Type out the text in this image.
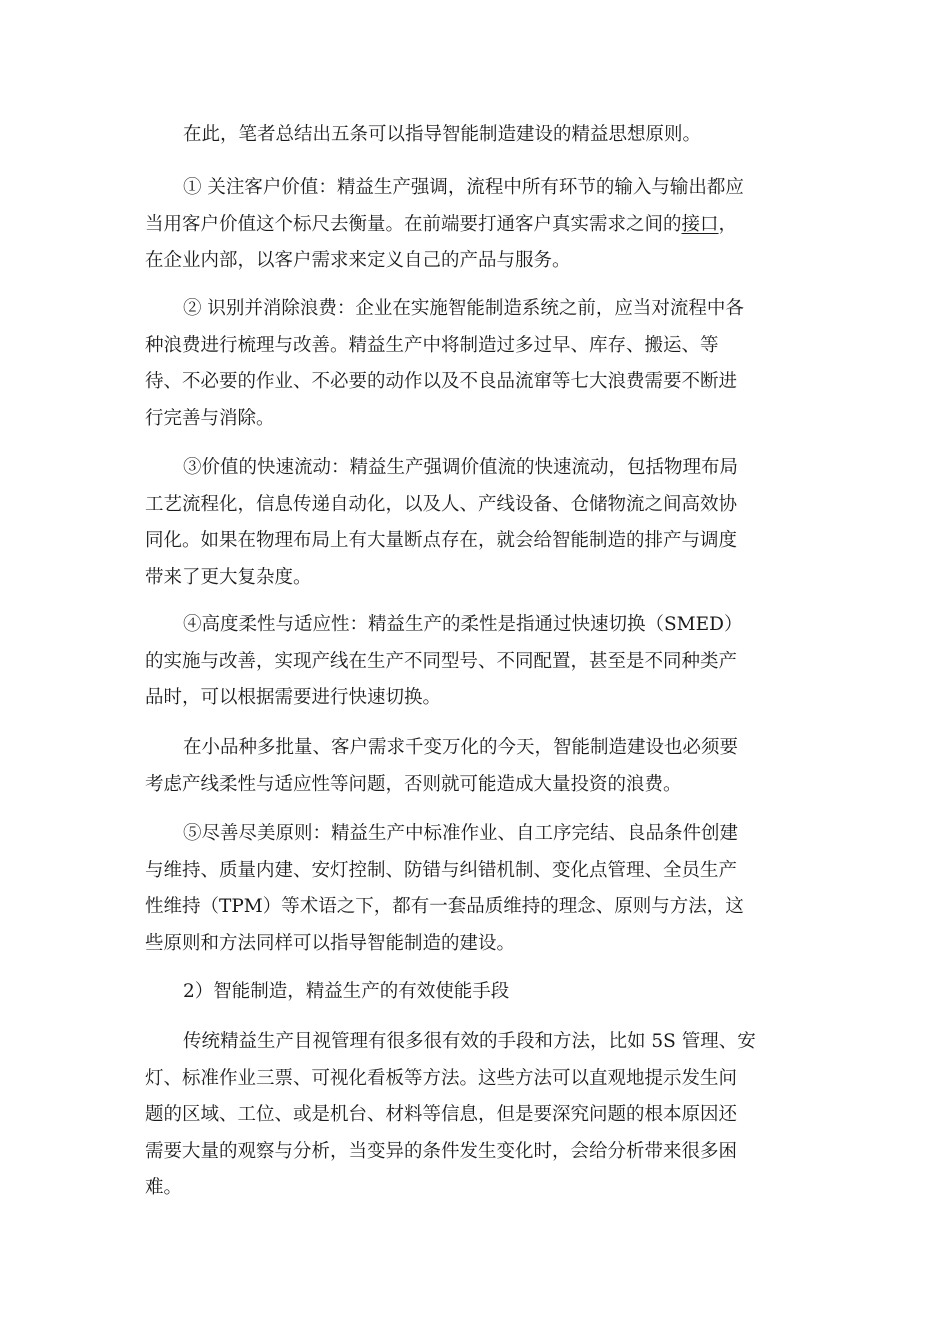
在此，笔者总结出五条可以指导智能制造建设的精益思想原则。

① 关注客户价值：精益生产强调，流程中所有环节的输入与输出都应
当用客户价值这个标尺去衡量。在前端要打通客户真实需求之间的接口，
在企业内部，以客户需求来定义自己的产品与服务。

② 识别并消除浪费：企业在实施智能制造系统之前，应当对流程中各
种浪费进行梳理与改善。精益生产中将制造过多过早、库存、搬运、等
待、不必要的作业、不必要的动作以及不良品流窜等七大浪费需要不断进
行完善与消除。

③价值的快速流动：精益生产强调价值流的快速流动，包括物理布局
工艺流程化，信息传递自动化，以及人、产线设备、仓储物流之间高效协
同化。如果在物理布局上有大量断点存在，就会给智能制造的排产与调度
带来了更大复杂度。

④高度柔性与适应性：精益生产的柔性是指通过快速切换（SMED）
的实施与改善，实现产线在生产不同型号、不同配置，甚至是不同种类产
品时，可以根据需要进行快速切换。

在小品种多批量、客户需求千变万化的今天，智能制造建设也必须要
考虑产线柔性与适应性等问题，否则就可能造成大量投资的浪费。

⑤尽善尽美原则：精益生产中标准作业、自工序完结、良品条件创建
与维持、质量内建、安灯控制、防错与纠错机制、变化点管理、全员生产
性维持（TPM）等术语之下，都有一套品质维持的理念、原则与方法，这
些原则和方法同样可以指导智能制造的建设。

2）智能制造，精益生产的有效使能手段

传统精益生产目视管理有很多很有效的手段和方法，比如 5S 管理、安
灯、标准作业三票、可视化看板等方法。这些方法可以直观地提示发生问
题的区域、工位、或是机台、材料等信息，但是要深究问题的根本原因还
需要大量的观察与分析，当变异的条件发生变化时，会给分析带来很多困
难。
